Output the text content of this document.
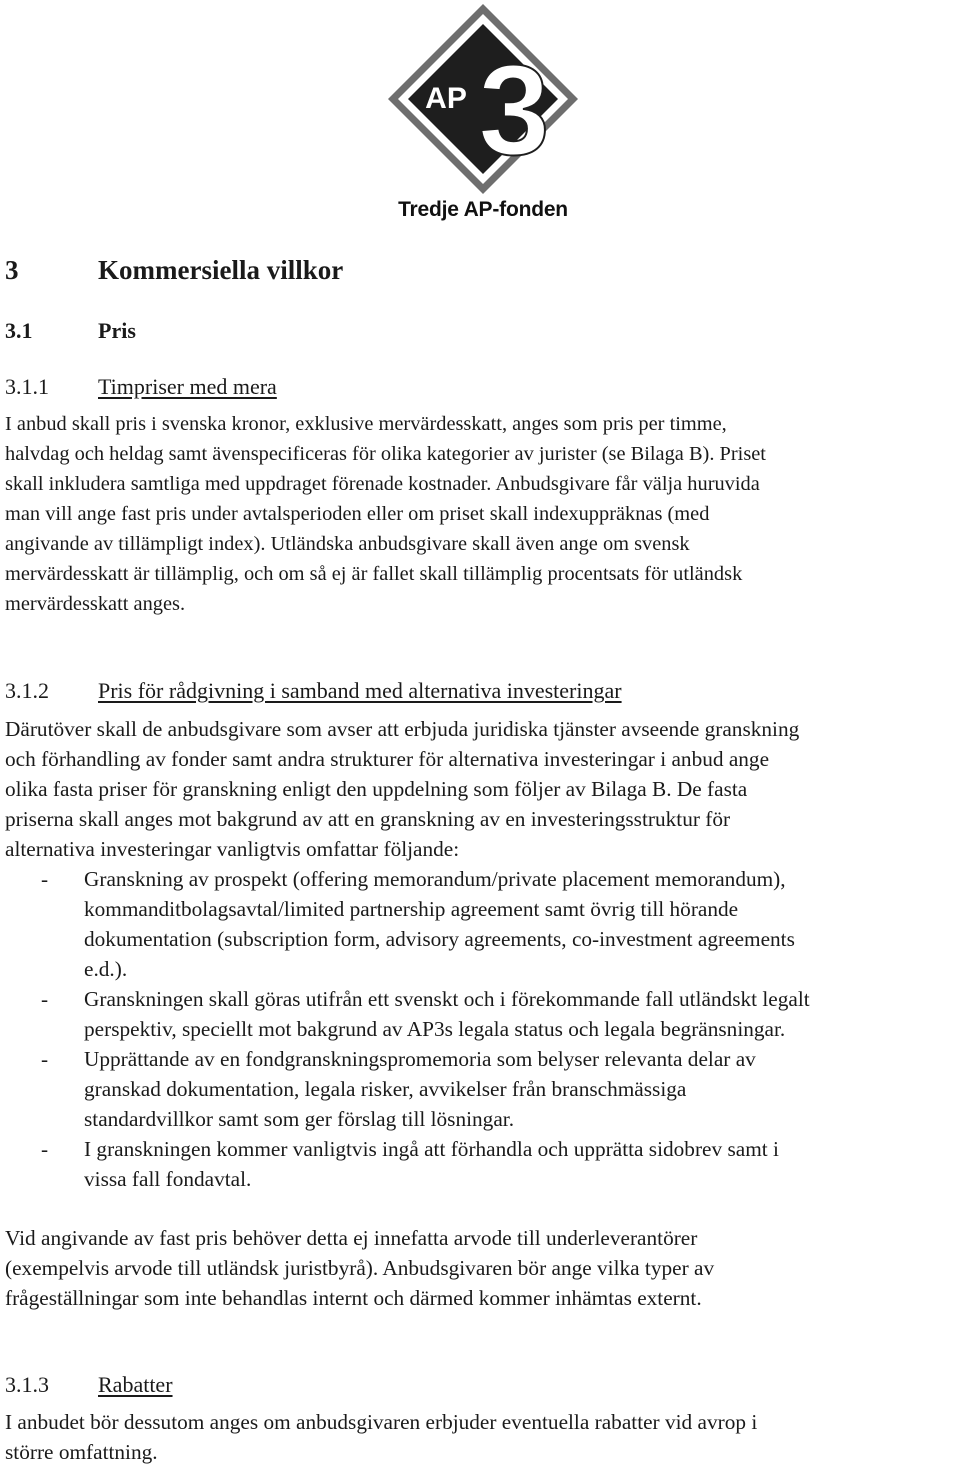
AP 3
Tredje AP-fonden
3	Kommersiella villkor
3.1	Pris
3.1.1 Timpriser med mera
I anbud skall pris i svenska kronor, exklusive mervärdesskatt, anges som pris per timme,
halvdag och heldag samt ävenspecificeras för olika kategorier av jurister (se Bilaga B). Priset
skall inkludera samtliga med uppdraget förenade kostnader. Anbudsgivare får välja huruvida
man vill ange fast pris under avtalsperioden eller om priset skall indexuppräknas (med
angivande av tillämpligt index). Utländska anbudsgivare skall även ange om svensk
mervärdesskatt är tillämplig, och om så ej är fallet skall tillämplig procentsats för utländsk
mervärdesskatt anges.
3.1.2 Pris för rådgivning i samband med alternativa investeringar
Därutöver skall de anbudsgivare som avser att erbjuda juridiska tjänster avseende granskning
och förhandling av fonder samt andra strukturer för alternativa investeringar i anbud ange
olika fasta priser för granskning enligt den uppdelning som följer av Bilaga B. De fasta
priserna skall anges mot bakgrund av att en granskning av en investeringsstruktur för
alternativa investeringar vanligtvis omfattar följande:
- Granskning av prospekt (offering memorandum/private placement memorandum),
kommanditbolagsavtal/limited partnership agreement samt övrig till hörande
dokumentation (subscription form, advisory agreements, co-investment agreements
e.d.).
- Granskningen skall göras utifrån ett svenskt och i förekommande fall utländskt legalt
perspektiv, speciellt mot bakgrund av AP3s legala status och legala begränsningar.
- Upprättande av en fondgranskningspromemoria som belyser relevanta delar av
granskad dokumentation, legala risker, avvikelser från branschmässiga
standardvillkor samt som ger förslag till lösningar.
- I granskningen kommer vanligtvis ingå att förhandla och upprätta sidobrev samt i
vissa fall fondavtal.
Vid angivande av fast pris behöver detta ej innefatta arvode till underleverantörer
(exempelvis arvode till utländsk juristbyrå). Anbudsgivaren bör ange vilka typer av
frågeställningar som inte behandlas internt och därmed kommer inhämtas externt.
3.1.3 Rabatter
I anbudet bör dessutom anges om anbudsgivaren erbjuder eventuella rabatter vid avrop i
större omfattning.
